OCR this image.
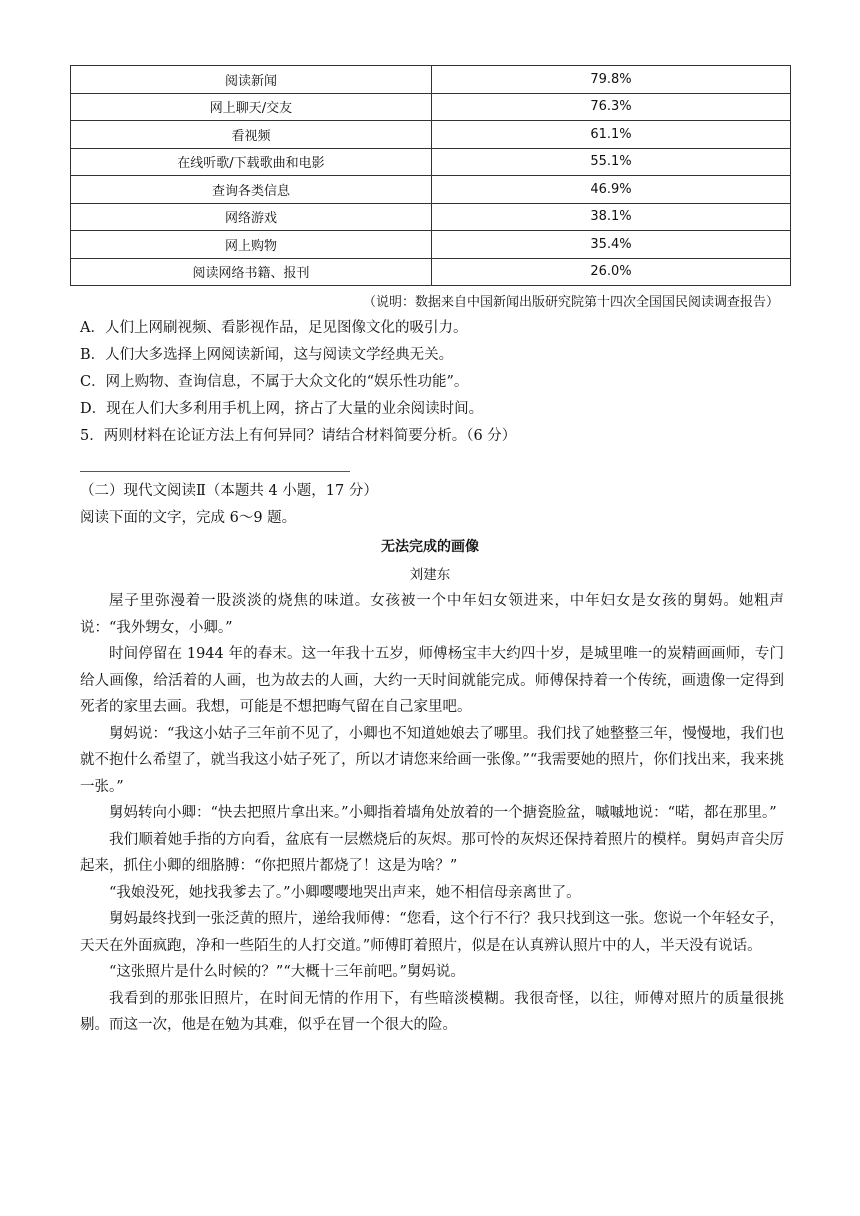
阅读新闻	79.8%
网上聊天/交友	76.3%
看视频	61.1%
在线听歌/下载歌曲和电影	55.1%
查询各类信息	46.9%
网络游戏	38.1%
网上购物	35.4%
阅读网络书籍、报刊	26.0%
（说明：数据来自中国新闻出版研究院第十四次全国国民阅读调查报告）
A．人们上网刷视频、看影视作品，足见图像文化的吸引力。
B．人们大多选择上网阅读新闻，这与阅读文学经典无关。
C．网上购物、查询信息，不属于大众文化的“娱乐性功能”。
D．现在人们大多利用手机上网，挤占了大量的业余阅读时间。
5．两则材料在论证方法上有何异同？请结合材料简要分析。（6 分）
（二）现代文阅读Ⅱ（本题共 4 小题，17 分）
阅读下面的文字，完成 6～9 题。
无法完成的画像
刘建东

屋子里弥漫着一股淡淡的烧焦的味道。女孩被一个中年妇女领进来，中年妇女是女孩的舅妈。她粗声说：“我外甥女，小卿。”

时间停留在 1944 年的春末。这一年我十五岁，师傅杨宝丰大约四十岁，是城里唯一的炭精画画师，专门给人画像，给活着的人画，也为故去的人画，大约一天时间就能完成。师傅保持着一个传统，画遗像一定得到死者的家里去画。我想，可能是不想把晦气留在自己家里吧。

舅妈说：“我这小姑子三年前不见了，小卿也不知道她娘去了哪里。我们找了她整整三年，慢慢地，我们也就不抱什么希望了，就当我这小姑子死了，所以才请您来给画一张像。”“我需要她的照片，你们找出来，我来挑一张。”

舅妈转向小卿：“快去把照片拿出来。”小卿指着墙角处放着的一个搪瓷脸盆，嘁嘁地说：“喏，都在那里。”

我们顺着她手指的方向看，盆底有一层燃烧后的灰烬。那可怜的灰烬还保持着照片的模样。舅妈声音尖厉起来，抓住小卿的细胳膊：“你把照片都烧了！这是为啥？”

“我娘没死，她找我爹去了。”小卿嘤嘤地哭出声来，她不相信母亲离世了。

舅妈最终找到一张泛黄的照片，递给我师傅：“您看，这个行不行？我只找到这一张。您说一个年轻女子，天天在外面疯跑，净和一些陌生的人打交道。”师傅盯着照片，似是在认真辨认照片中的人，半天没有说话。

“这张照片是什么时候的？”“大概十三年前吧。”舅妈说。

我看到的那张旧照片，在时间无情的作用下，有些暗淡模糊。我很奇怪，以往，师傅对照片的质量很挑剔。而这一次，他是在勉为其难，似乎在冒一个很大的险。
